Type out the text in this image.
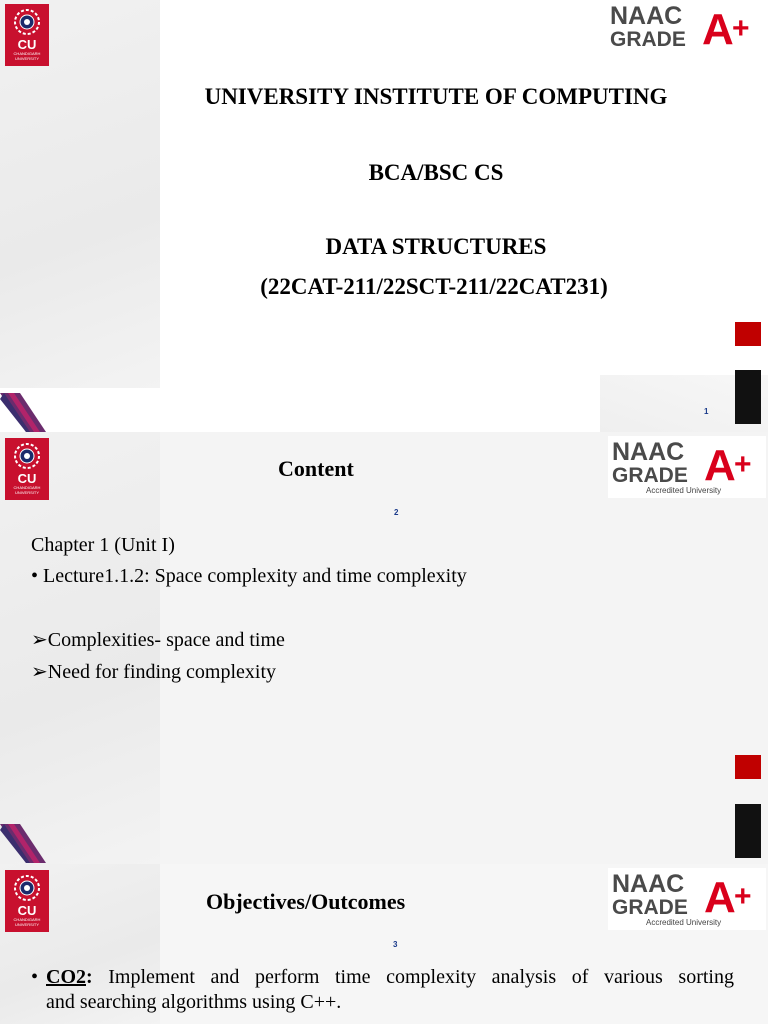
CU
CHANDIGARH UNIVERSITY
NAAC
GRADE A
+
UNIVERSITY INSTITUTE OF COMPUTING
BCA/BSC CS
DATA STRUCTURES
(22CAT-211/22SCT-211/22CAT231)
1
CU
CHANDIGARH UNIVERSITY
NAAC
GRADE A
+
Accredited University
Content
2
Chapter 1 (Unit I)
• Lecture1.1.2: Space complexity and time complexity
➢Complexities- space and time
➢Need for finding complexity
CU
CHANDIGARH UNIVERSITY
NAAC
GRADE A
+
Accredited University
Objectives/Outcomes
3
• CO2: Implement and perform time complexity analysis of various sorting
and searching algorithms using C++.
